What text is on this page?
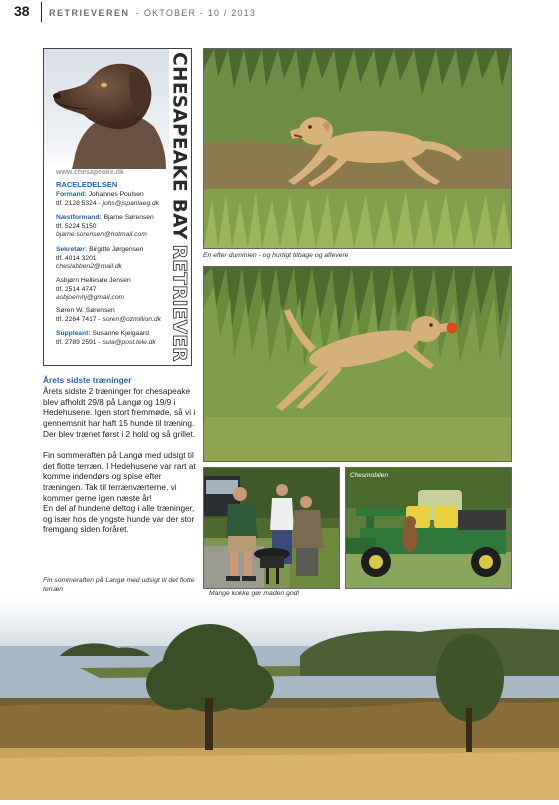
38 RETRIEVEREN - OKTOBER - 10 / 2013
www.chesapeake.dk
RACELEDELSEN
Formand: Johannes Poulsen
tlf. 2128 5324 - johs@jspanlaeg.dk
Næstformand: Bjarne Sørensen
tlf. 5224 5150
bjarne.sorensen@hotmail.com
Sekretær: Birgitte Jørgensen
tlf. 4014 3201
cheslabben2@mail.dk
Asbjørn Hellesøe Jensen
tlf. 2514 4747
asbjoernhj@gmail.com
Søren W. Sørensen
tlf. 2264 7417 - soren@ozmillion.dk
Suppleant: Susanne Kjelgaard
tlf. 2789 2591 - sula@post.tele.dk
CHESAPEAKE BAYRETRIEVER
Årets sidste træninger
Årets sidste 2 træninger for chesapeake blev afholdt 29/8 på Langø og 19/9 i Hedehusene. Igen stort fremmøde, så vi i gennemsnit har haft 15 hunde til træning. Der blev trænet først i 2 hold og så grillet.
Fin sommeraften på Langø med udsigt til det flotte terræn. I Hedehusene var rart at komme indendørs og spise efter træningen. Tak til terrænværterne, vi kommer gerne igen næste år!
En del af hundene deltog i alle træninger, og især hos de yngste hunde var der stor fremgang siden foråret.
Fin sommeraften på Langø med udsigt til det flotte terræn
En efter dummien - og hurtigt tilbage og aflevere
Mange kokke gør maden god!
Chesmobilen
